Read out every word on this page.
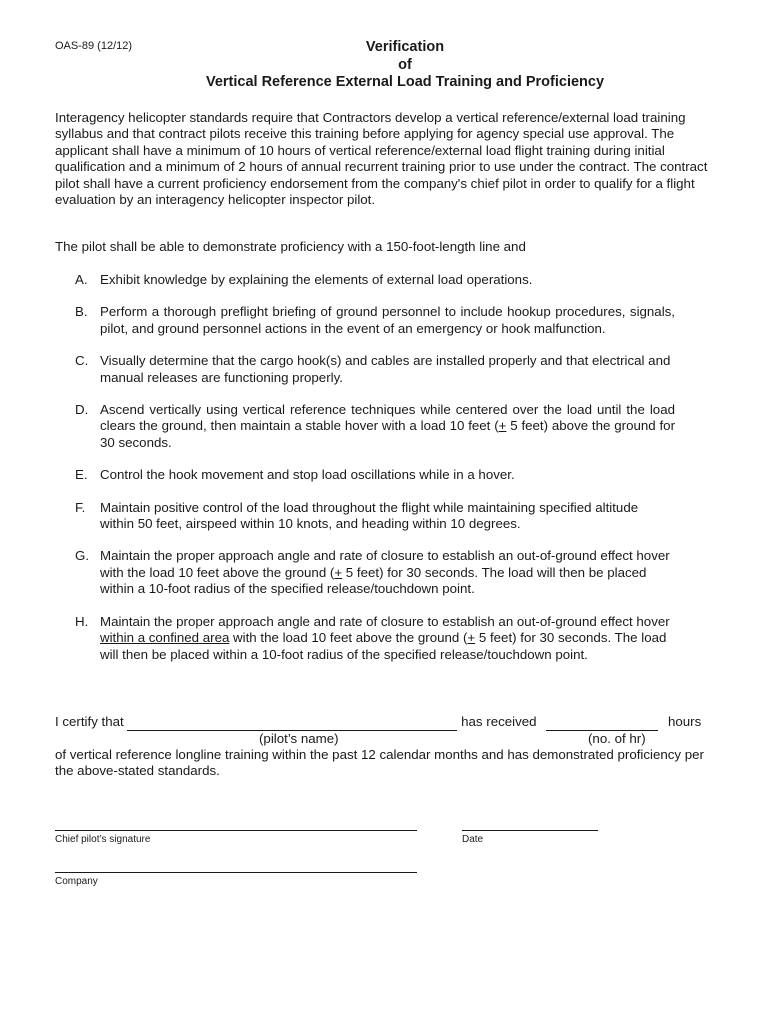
OAS-89 (12/12)	Verification
of
Vertical Reference External Load Training and Proficiency
Interagency helicopter standards require that Contractors develop a vertical reference/external load training syllabus and that contract pilots receive this training before applying for agency special use approval. The applicant shall have a minimum of 10 hours of vertical reference/external load flight training during initial qualification and a minimum of 2 hours of annual recurrent training prior to use under the contract. The contract pilot shall have a current proficiency endorsement from the company's chief pilot in order to qualify for a flight evaluation by an interagency helicopter inspector pilot.
The pilot shall be able to demonstrate proficiency with a 150-foot-length line and
A. Exhibit knowledge by explaining the elements of external load operations.
B. Perform a thorough preflight briefing of ground personnel to include hookup procedures, signals, pilot, and ground personnel actions in the event of an emergency or hook malfunction.
C. Visually determine that the cargo hook(s) and cables are installed properly and that electrical and manual releases are functioning properly.
D. Ascend vertically using vertical reference techniques while centered over the load until the load clears the ground, then maintain a stable hover with a load 10 feet (+ 5 feet) above the ground for 30 seconds.
E. Control the hook movement and stop load oscillations while in a hover.
F.	Maintain positive control of the load throughout the flight while maintaining specified altitude within 50 feet, airspeed within 10 knots, and heading within 10 degrees.
G. Maintain the proper approach angle and rate of closure to establish an out-of-ground effect hover with the load 10 feet above the ground (+ 5 feet) for 30 seconds. The load will then be placed within a 10-foot radius of the specified release/touchdown point.
H. Maintain the proper approach angle and rate of closure to establish an out-of-ground effect hover within a confined area with the load 10 feet above the ground (+ 5 feet) for 30 seconds. The load will then be placed within a 10-foot radius of the specified release/touchdown point.
I certify that	has received	hours
(pilot’s name)	(no. of hr)
of vertical reference longline training within the past 12 calendar months and has demonstrated proficiency per the above-stated standards.
Chief pilot’s signature	Date
Company
